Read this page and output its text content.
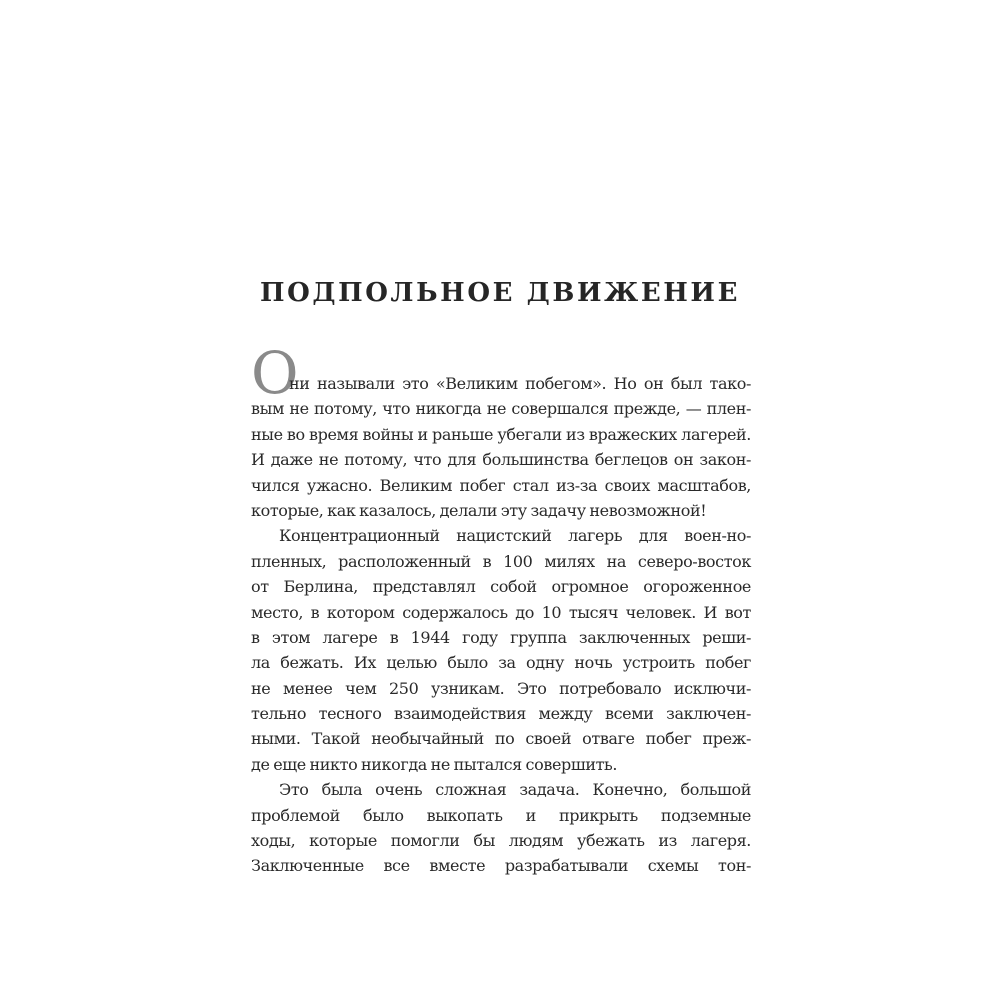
ПОДПОЛЬНОЕ ДВИЖЕНИЕ
О
ни называли это «Великим побегом». Но он был тако-
вым не потому, что никогда не совершался прежде, — плен-
ные во время войны и раньше убегали из вражеских лагерей.
И даже не потому, что для большинства беглецов он закон-
чился ужасно. Великим побег стал из-за своих масштабов,
которые, как казалось, делали эту задачу невозможной!
Концентрационный нацистский лагерь для воен-но-
пленных, расположенный в 100 милях на северо-восток
от Берлина, представлял собой огромное огороженное
место, в котором содержалось до 10 тысяч человек. И вот
в этом лагере в 1944 году группа заключенных реши-
ла бежать. Их целью было за одну ночь устроить побег
не менее чем 250 узникам. Это потребовало исключи-
тельно тесного взаимодействия между всеми заключен-
ными. Такой необычайный по своей отваге побег преж-
де еще никто никогда не пытался совершить.
Это была очень сложная задача. Конечно, большой
проблемой было выкопать и прикрыть подземные
ходы, которые помогли бы людям убежать из лагеря.
Заключенные все вместе разрабатывали схемы тон-
